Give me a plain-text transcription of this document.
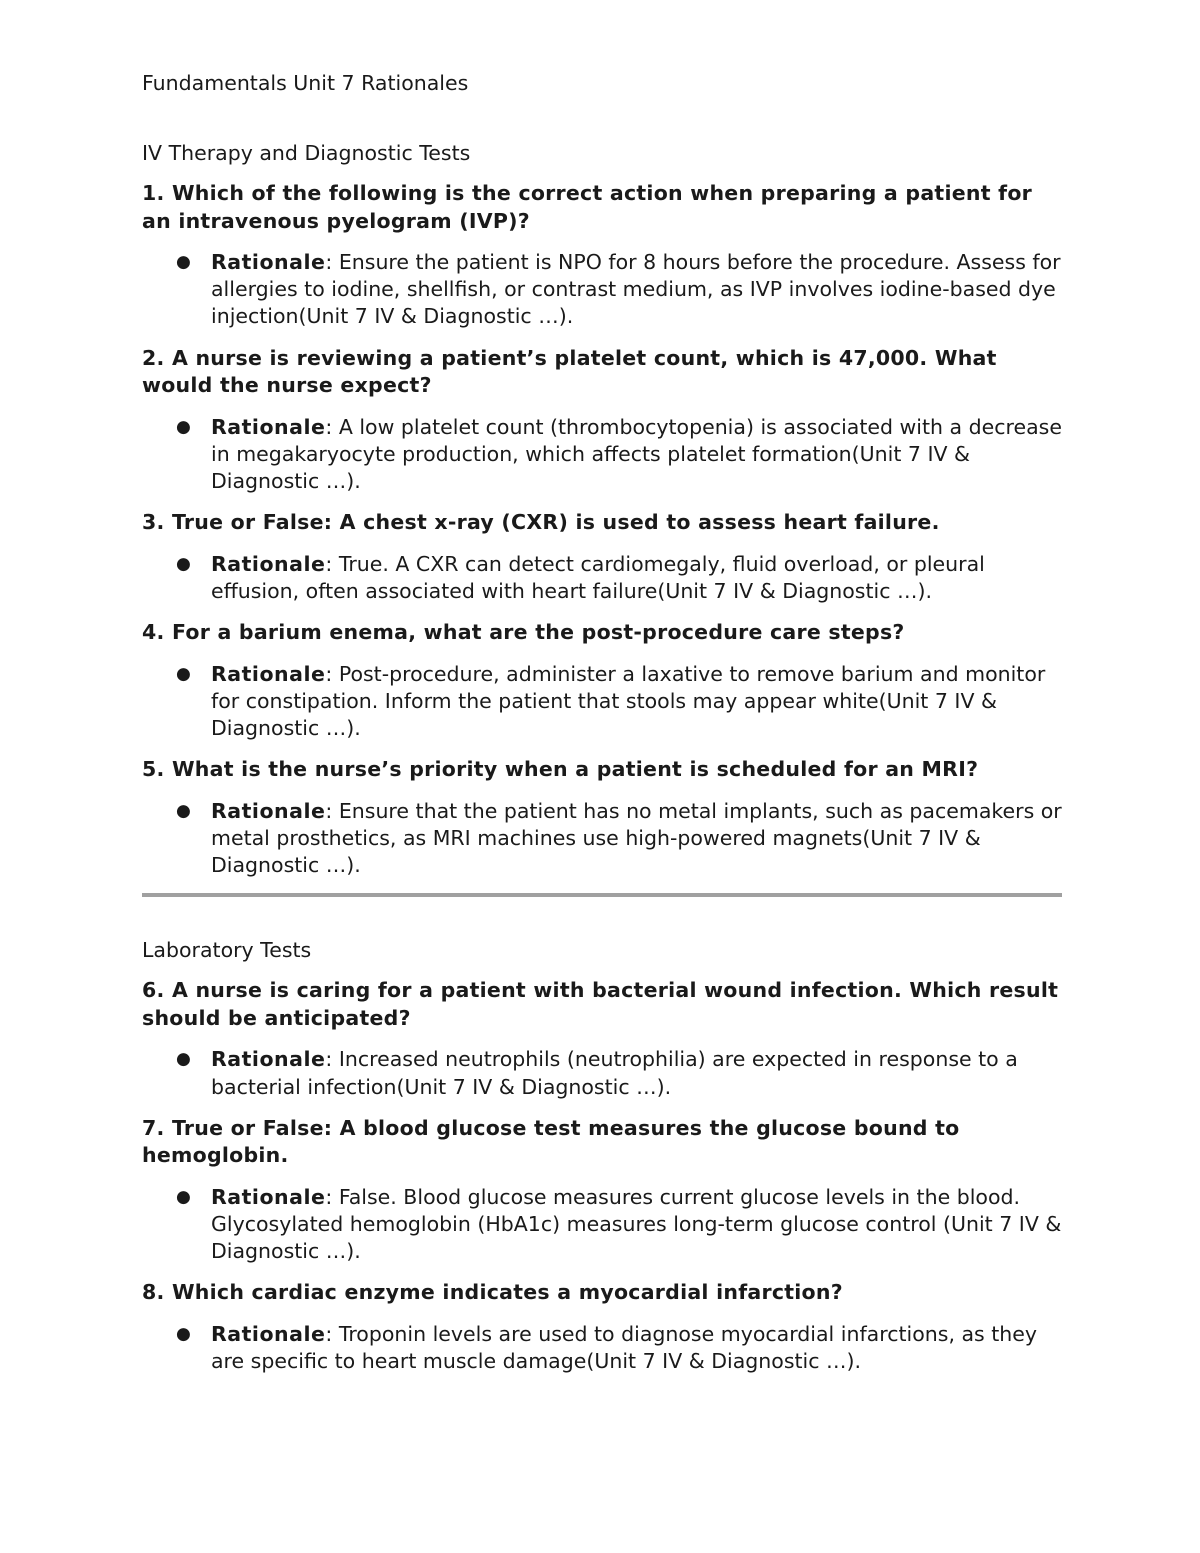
Fundamentals Unit 7 Rationales

IV Therapy and Diagnostic Tests

1. Which of the following is the correct action when preparing a patient for an intravenous pyelogram (IVP)?

● Rationale: Ensure the patient is NPO for 8 hours before the procedure. Assess for allergies to iodine, shellfish, or contrast medium, as IVP involves iodine-based dye injection(Unit 7 IV & Diagnostic …).

2. A nurse is reviewing a patient’s platelet count, which is 47,000. What would the nurse expect?

● Rationale: A low platelet count (thrombocytopenia) is associated with a decrease in megakaryocyte production, which affects platelet formation(Unit 7 IV & Diagnostic …).

3. True or False: A chest x-ray (CXR) is used to assess heart failure.

● Rationale: True. A CXR can detect cardiomegaly, fluid overload, or pleural effusion, often associated with heart failure(Unit 7 IV & Diagnostic …).

4. For a barium enema, what are the post-procedure care steps?

● Rationale: Post-procedure, administer a laxative to remove barium and monitor for constipation. Inform the patient that stools may appear white(Unit 7 IV & Diagnostic …).

5. What is the nurse’s priority when a patient is scheduled for an MRI?

● Rationale: Ensure that the patient has no metal implants, such as pacemakers or metal prosthetics, as MRI machines use high-powered magnets(Unit 7 IV & Diagnostic …).

Laboratory Tests

6. A nurse is caring for a patient with bacterial wound infection. Which result should be anticipated?

● Rationale: Increased neutrophils (neutrophilia) are expected in response to a bacterial infection(Unit 7 IV & Diagnostic …).

7. True or False: A blood glucose test measures the glucose bound to hemoglobin.

● Rationale: False. Blood glucose measures current glucose levels in the blood. Glycosylated hemoglobin (HbA1c) measures long-term glucose control (Unit 7 IV & Diagnostic …).

8. Which cardiac enzyme indicates a myocardial infarction?

● Rationale: Troponin levels are used to diagnose myocardial infarctions, as they are specific to heart muscle damage(Unit 7 IV & Diagnostic …).
